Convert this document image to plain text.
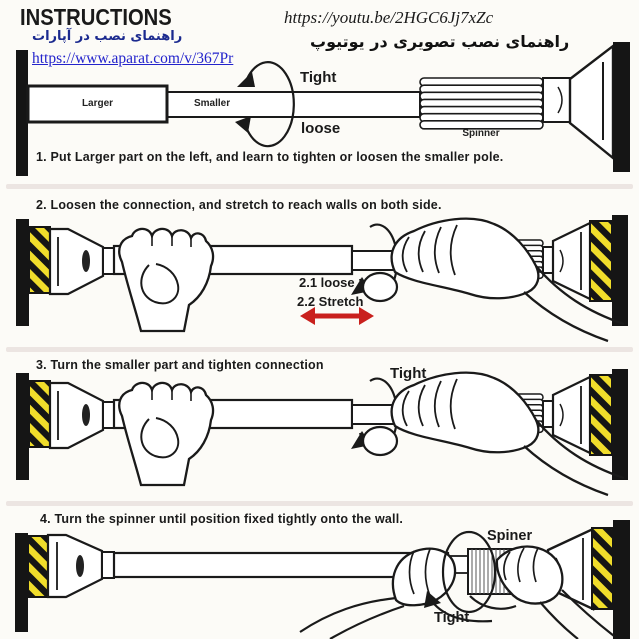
INSTRUCTIONS	https://youtu.be/2HGC6Jj7xZc
راهنمای نصب در آپارات	راهنمای نصب تصویری در یوتیوپ
https://www.aparat.com/v/367Pr
Larger	Smaller
Tight
loose	Spinner
1. Put Larger part on the left, and learn to tighten or loosen the smaller pole.
2. Loosen the connection, and stretch to reach walls on both side.
2.1 loose
2.2 Stretch
3. Turn the smaller part and tighten connection	Tight
4. Turn the spinner until position fixed tightly onto the wall.
Spiner
Tight
